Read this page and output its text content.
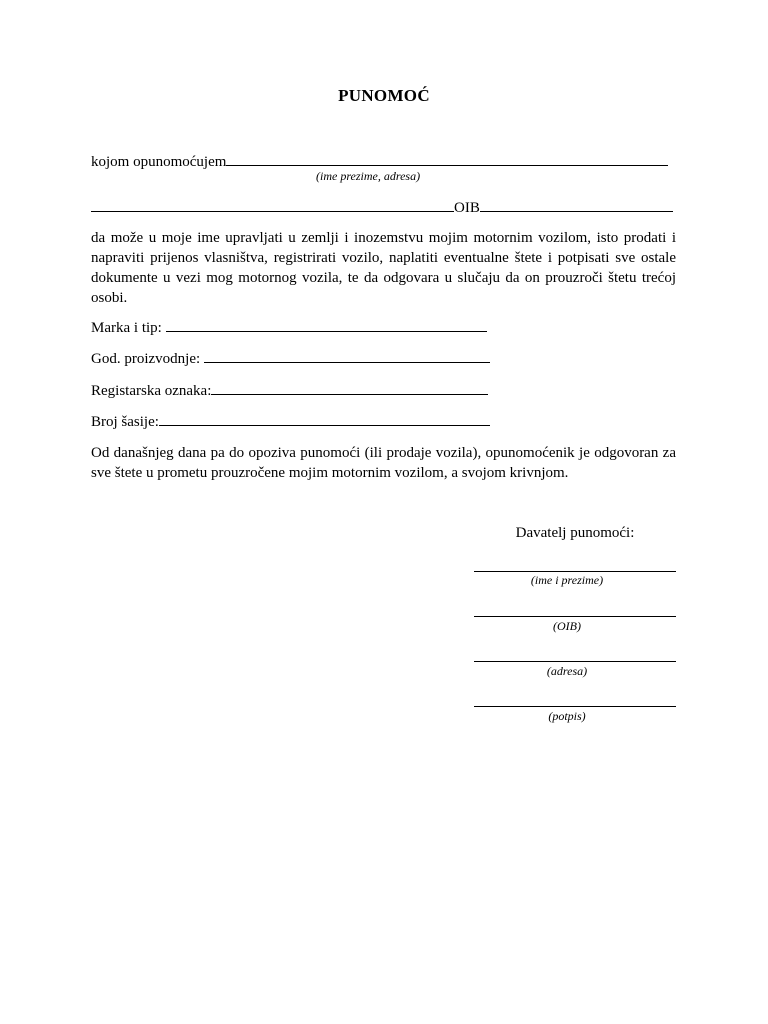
PUNOMOĆ
kojom opunomoćujem
(ime prezime, adresa)
OIB
da može u moje ime upravljati u zemlji i inozemstvu mojim motornim vozilom, isto prodati i napraviti prijenos vlasništva, registrirati vozilo, naplatiti eventualne štete i potpisati sve ostale dokumente u vezi mog motornog vozila, te da odgovara u slučaju da on prouzroči štetu trećoj osobi.
Marka i tip:
God. proizvodnje:
Registarska oznaka:
Broj šasije:
Od današnjeg dana pa do opoziva punomoći (ili prodaje vozila), opunomoćenik je odgovoran za sve štete u prometu prouzročene mojim motornim vozilom, a svojom krivnjom.
Davatelj punomoći:
(ime i prezime)
(OIB)
(adresa)
(potpis)
